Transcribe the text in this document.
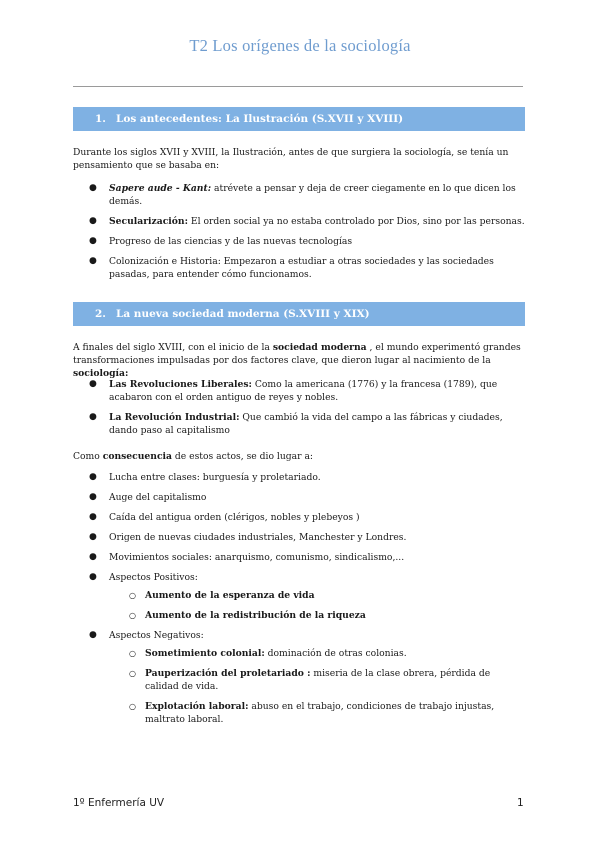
T2 Los orígenes de la sociología
1. Los antecedentes: La Ilustración (S.XVII y XVIII)

Durante los siglos XVII y XVIII, la Ilustración, antes de que surgiera la sociología, se tenía un pensamiento que se basaba en:

● Sapere aude - Kant: atrévete a pensar y deja de creer ciegamente en lo que dicen los demás.
● Secularización: El orden social ya no estaba controlado por Dios, sino por las personas.
● Progreso de las ciencias y de las nuevas tecnologías
● Colonización e Historia: Empezaron a estudiar a otras sociedades y las sociedades pasadas, para entender cómo funcionamos.
2. La nueva sociedad moderna (S.XVIII y XIX)

A finales del siglo XVIII, con el inicio de la sociedad moderna , el mundo experimentó grandes transformaciones impulsadas por dos factores clave, que dieron lugar al nacimiento de la sociología:

● Las Revoluciones Liberales: Como la americana (1776) y la francesa (1789), que acabaron con el orden antiguo de reyes y nobles.
● La Revolución Industrial: Que cambió la vida del campo a las fábricas y ciudades, dando paso al capitalismo

Como consecuencia de estos actos, se dio lugar a:

● Lucha entre clases: burguesía y proletariado.
● Auge del capitalismo
● Caída del antigua orden (clérigos, nobles y plebeyos )
● Origen de nuevas ciudades industriales, Manchester y Londres.
● Movimientos sociales: anarquismo, comunismo, sindicalismo,...
● Aspectos Positivos:
○ Aumento de la esperanza de vida
○ Aumento de la redistribución de la riqueza
● Aspectos Negativos:
○ Sometimiento colonial: dominación de otras colonias.
○ Pauperización del proletariado : miseria de la clase obrera, pérdida de calidad de vida.
○ Explotación laboral: abuso en el trabajo, condiciones de trabajo injustas, maltrato laboral.
1º Enfermería UV	1
